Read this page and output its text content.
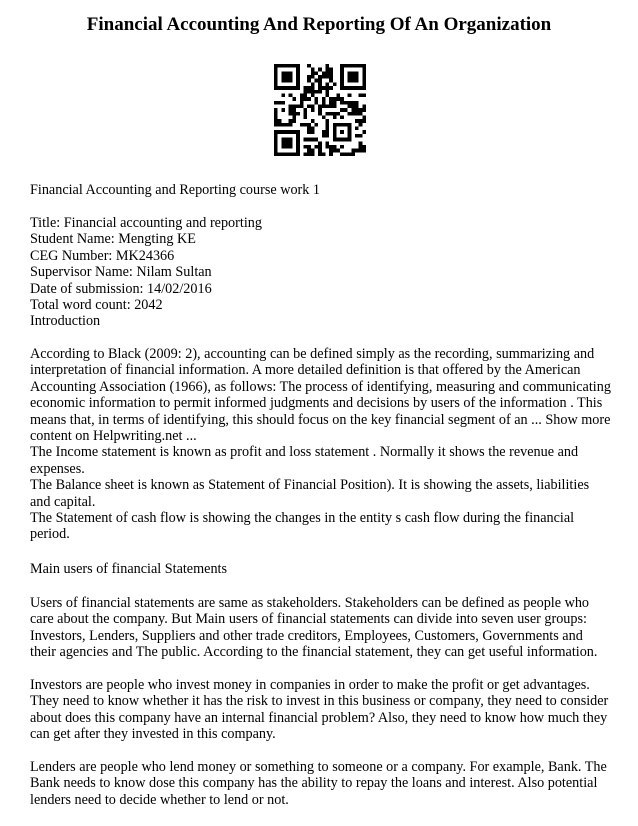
Financial Accounting And Reporting Of An Organization

Financial Accounting and Reporting course work 1

Title: Financial accounting and reporting
Student Name: Mengting KE
CEG Number: MK24366
Supervisor Name: Nilam Sultan
Date of submission: 14/02/2016
Total word count: 2042
Introduction

According to Black (2009: 2), accounting can be defined simply as the recording, summarizing and interpretation of financial information. A more detailed definition is that offered by the American Accounting Association (1966), as follows: The process of identifying, measuring and communicating economic information to permit informed judgments and decisions by users of the information . This means that, in terms of identifying, this should focus on the key financial segment of an ... Show more content on Helpwriting.net ...

The Income statement is known as profit and loss statement . Normally it shows the revenue and expenses.

The Balance sheet is known as Statement of Financial Position). It is showing the assets, liabilities and capital.

The Statement of cash flow is showing the changes in the entity s cash flow during the financial period.

Main users of financial Statements

Users of financial statements are same as stakeholders. Stakeholders can be defined as people who care about the company. But Main users of financial statements can divide into seven user groups: Investors, Lenders, Suppliers and other trade creditors, Employees, Customers, Governments and their agencies and The public. According to the financial statement, they can get useful information.

Investors are people who invest money in companies in order to make the profit or get advantages. They need to know whether it has the risk to invest in this business or company, they need to consider about does this company have an internal financial problem? Also, they need to know how much they can get after they invested in this company.

Lenders are people who lend money or something to someone or a company. For example, Bank. The Bank needs to know dose this company has the ability to repay the loans and interest. Also potential lenders need to decide whether to lend or not.
